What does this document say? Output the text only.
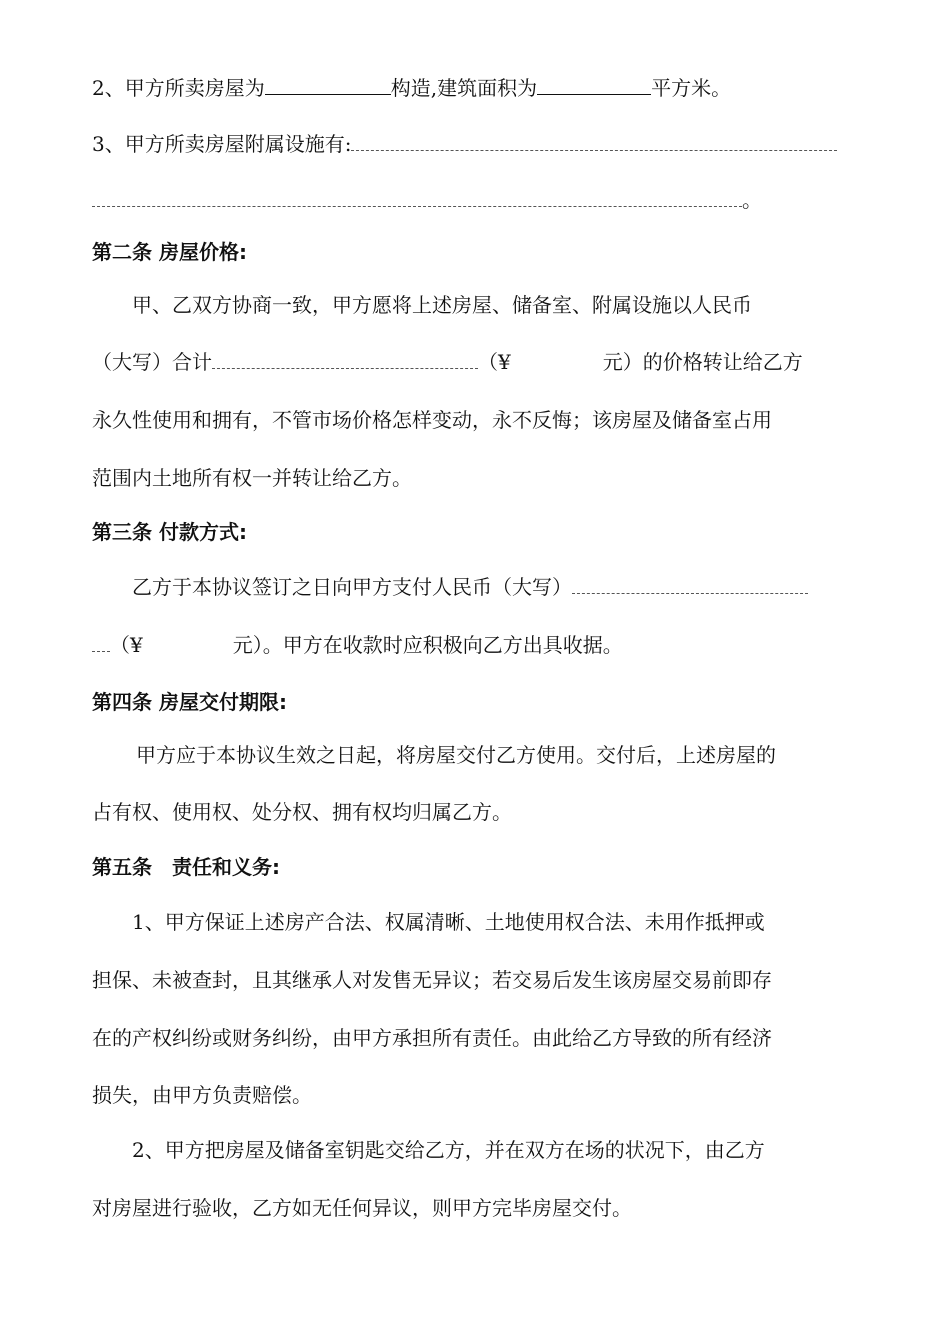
2、甲方所卖房屋为	构造,建筑面积为	平方米。
3、甲方所卖房屋附属设施有:
。
第二条 房屋价格:
甲、乙双方协商一致，甲方愿将上述房屋、储备室、附属设施以人民币
（大写）合计	（¥	元）的价格转让给乙方
永久性使用和拥有，不管市场价格怎样变动，永不反悔；该房屋及储备室占用
范围内土地所有权一并转让给乙方。
第三条 付款方式:
乙方于本协议签订之日向甲方支付人民币（大写）
（¥	元）。甲方在收款时应积极向乙方出具收据。
第四条 房屋交付期限:
甲方应于本协议生效之日起，将房屋交付乙方使用。交付后，上述房屋的
占有权、使用权、处分权、拥有权均归属乙方。
第五条　责任和义务:
1、甲方保证上述房产合法、权属清晰、土地使用权合法、未用作抵押或
担保、未被查封，且其继承人对发售无异议；若交易后发生该房屋交易前即存
在的产权纠纷或财务纠纷，由甲方承担所有责任。由此给乙方导致的所有经济
损失，由甲方负责赔偿。
2、甲方把房屋及储备室钥匙交给乙方，并在双方在场的状况下，由乙方
对房屋进行验收，乙方如无任何异议，则甲方完毕房屋交付。
